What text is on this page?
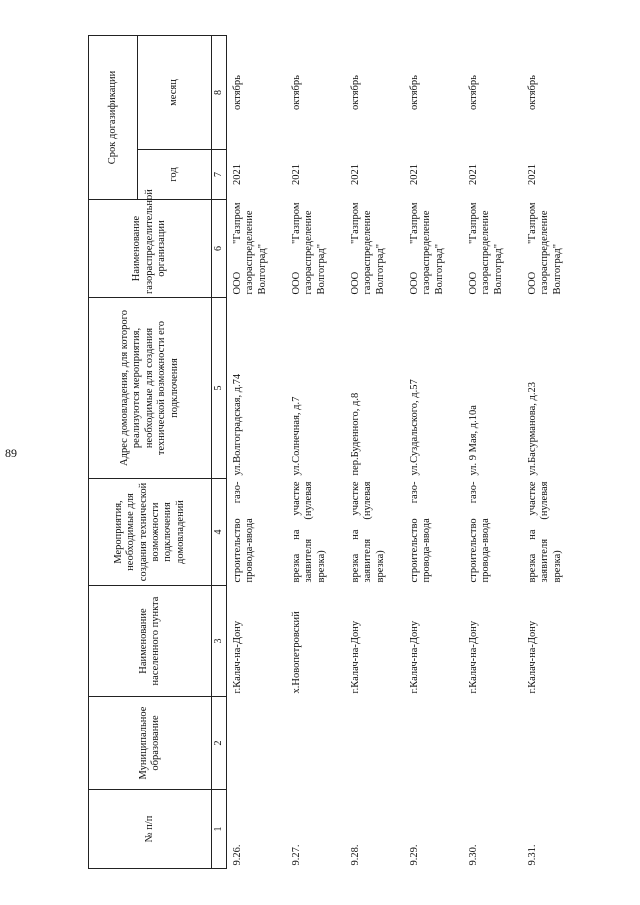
89
№ п/п	Муниципальное образование	Наименование населенного пункта	Мероприятия, необходимые для создания технической возможности подключения домовладений	Адрес домовладения, для которого реализуются мероприятия, необходимые для создания технической возможности его подключения	Наименование газораспределительной организации	Срок догазификации	
						год	месяц
1	2	3	4	5	6	7	8
9.26.		г.Калач-на-Дону	строительство газо-провода-ввода	ул.Волгоградская, д.74	ООО "Газпром газораспределение Волгоград"	2021	октябрь
9.27.		х.Новопетровский	врезка на участке заявителя (нулевая врезка)	ул.Солнечная, д.7	ООО "Газпром газораспределение Волгоград"	2021	октябрь
9.28.		г.Калач-на-Дону	врезка на участке заявителя (нулевая врезка)	пер.Буденного, д.8	ООО "Газпром газораспределение Волгоград"	2021	октябрь
9.29.		г.Калач-на-Дону	строительство газо-провода-ввода	ул.Суздальского, д.57	ООО "Газпром газораспределение Волгоград"	2021	октябрь
9.30.		г.Калач-на-Дону	строительство газо-провода-ввода	ул. 9 Мая, д.10а	ООО "Газпром газораспределение Волгоград"	2021	октябрь
9.31.		г.Калач-на-Дону	врезка на участке заявителя (нулевая врезка)	ул.Басурманова, д.23	ООО "Газпром газораспределение Волгоград"	2021	октябрь
